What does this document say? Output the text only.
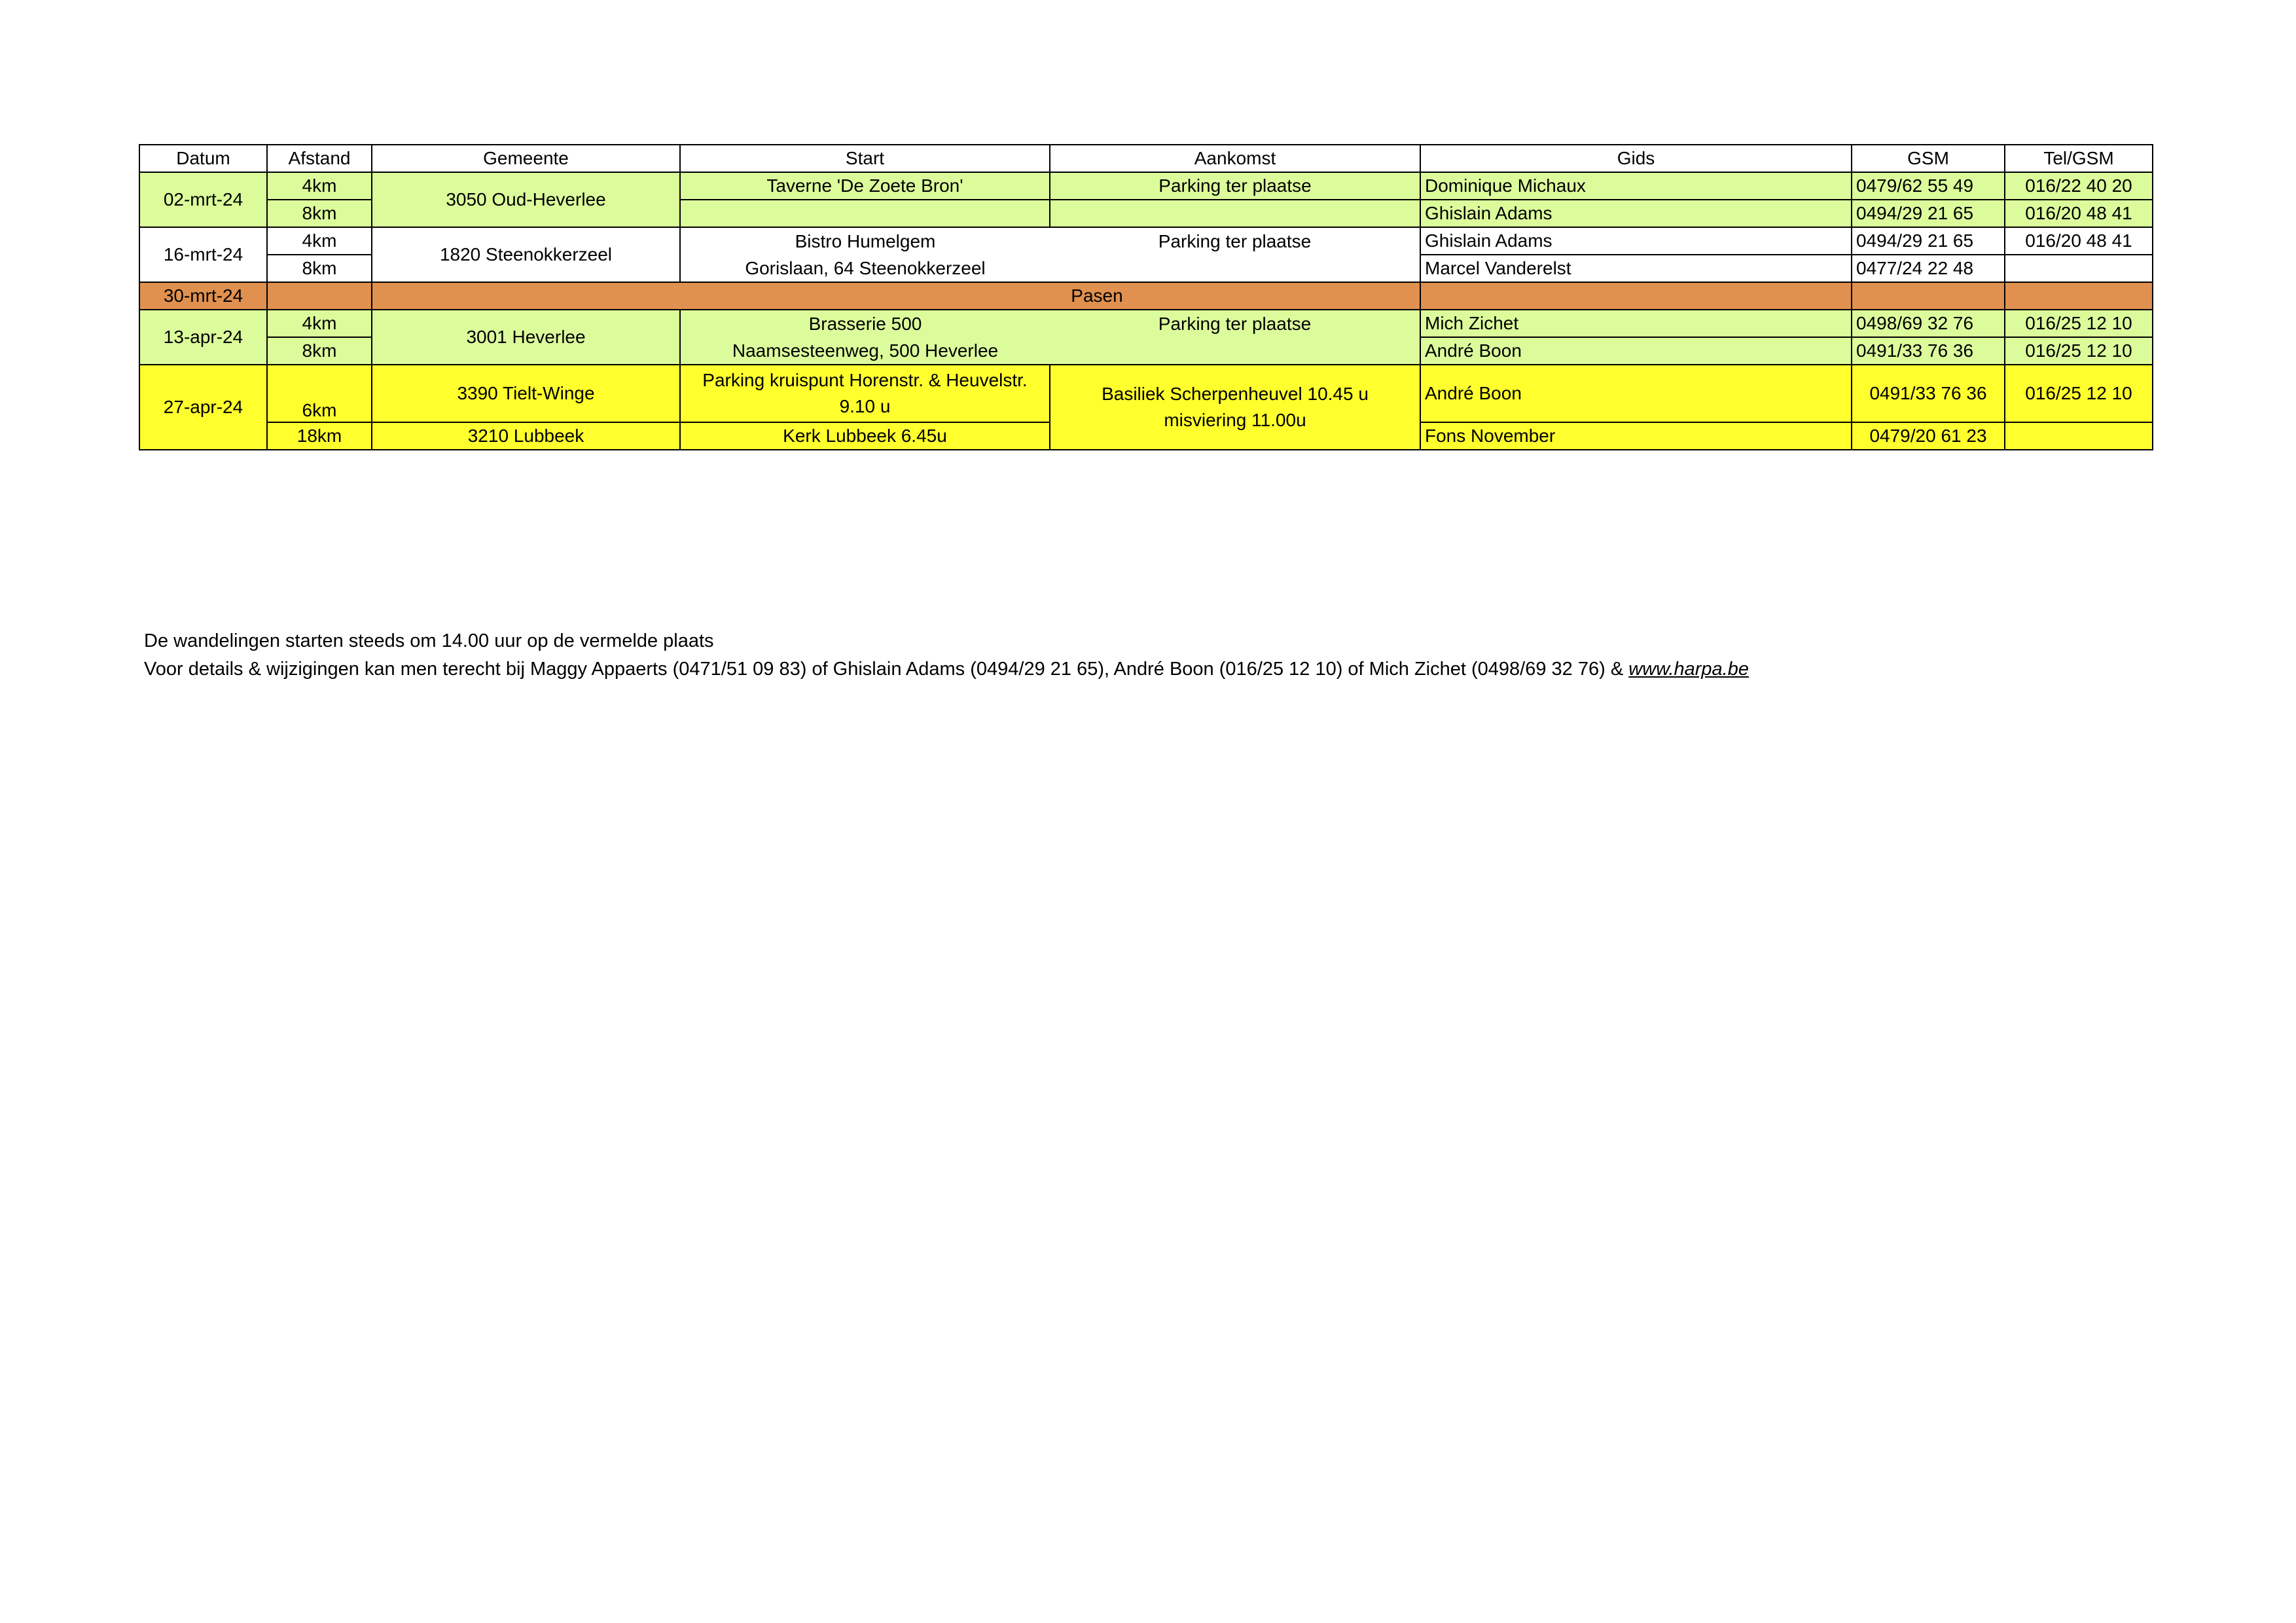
Datum	Afstand	Gemeente	Start	Aankomst	Gids	GSM	Tel/GSM
02-mrt-24	4km	3050 Oud-Heverlee	Taverne 'De Zoete Bron'	Parking ter plaatse	Dominique Michaux	0479/62 55 49	016/22 40 20
	8km				Ghislain Adams	0494/29 21 65	016/20 48 41
16-mrt-24	4km	1820 Steenokkerzeel	Bistro Humelgem	Parking ter plaatse	Ghislain Adams	0494/29 21 65	016/20 48 41
	8km		Gorislaan, 64 Steenokkerzeel		Marcel Vanderelst	0477/24 22 48	
30-mrt-24		Pasen					
13-apr-24	4km	3001 Heverlee	Brasserie 500	Parking ter plaatse	Mich Zichet	0498/69 32 76	016/25 12 10
	8km		Naamsesteenweg, 500 Heverlee		André Boon	0491/33 76 36	016/25 12 10
27-apr-24	6km	3390 Tielt-Winge	Parking kruispunt Horenstr. & Heuvelstr. 9.10 u	Basiliek Scherpenheuvel 10.45 u misviering 11.00u	André Boon	0491/33 76 36	016/25 12 10
	18km	3210 Lubbeek	Kerk Lubbeek 6.45u		Fons November	0479/20 61 23	
De wandelingen starten steeds om 14.00 uur op de vermelde plaats
Voor details & wijzigingen kan men terecht bij Maggy Appaerts (0471/51 09 83) of Ghislain Adams (0494/29 21 65), André Boon (016/25 12 10) of Mich Zichet (0498/69 32 76) & www.harpa.be
